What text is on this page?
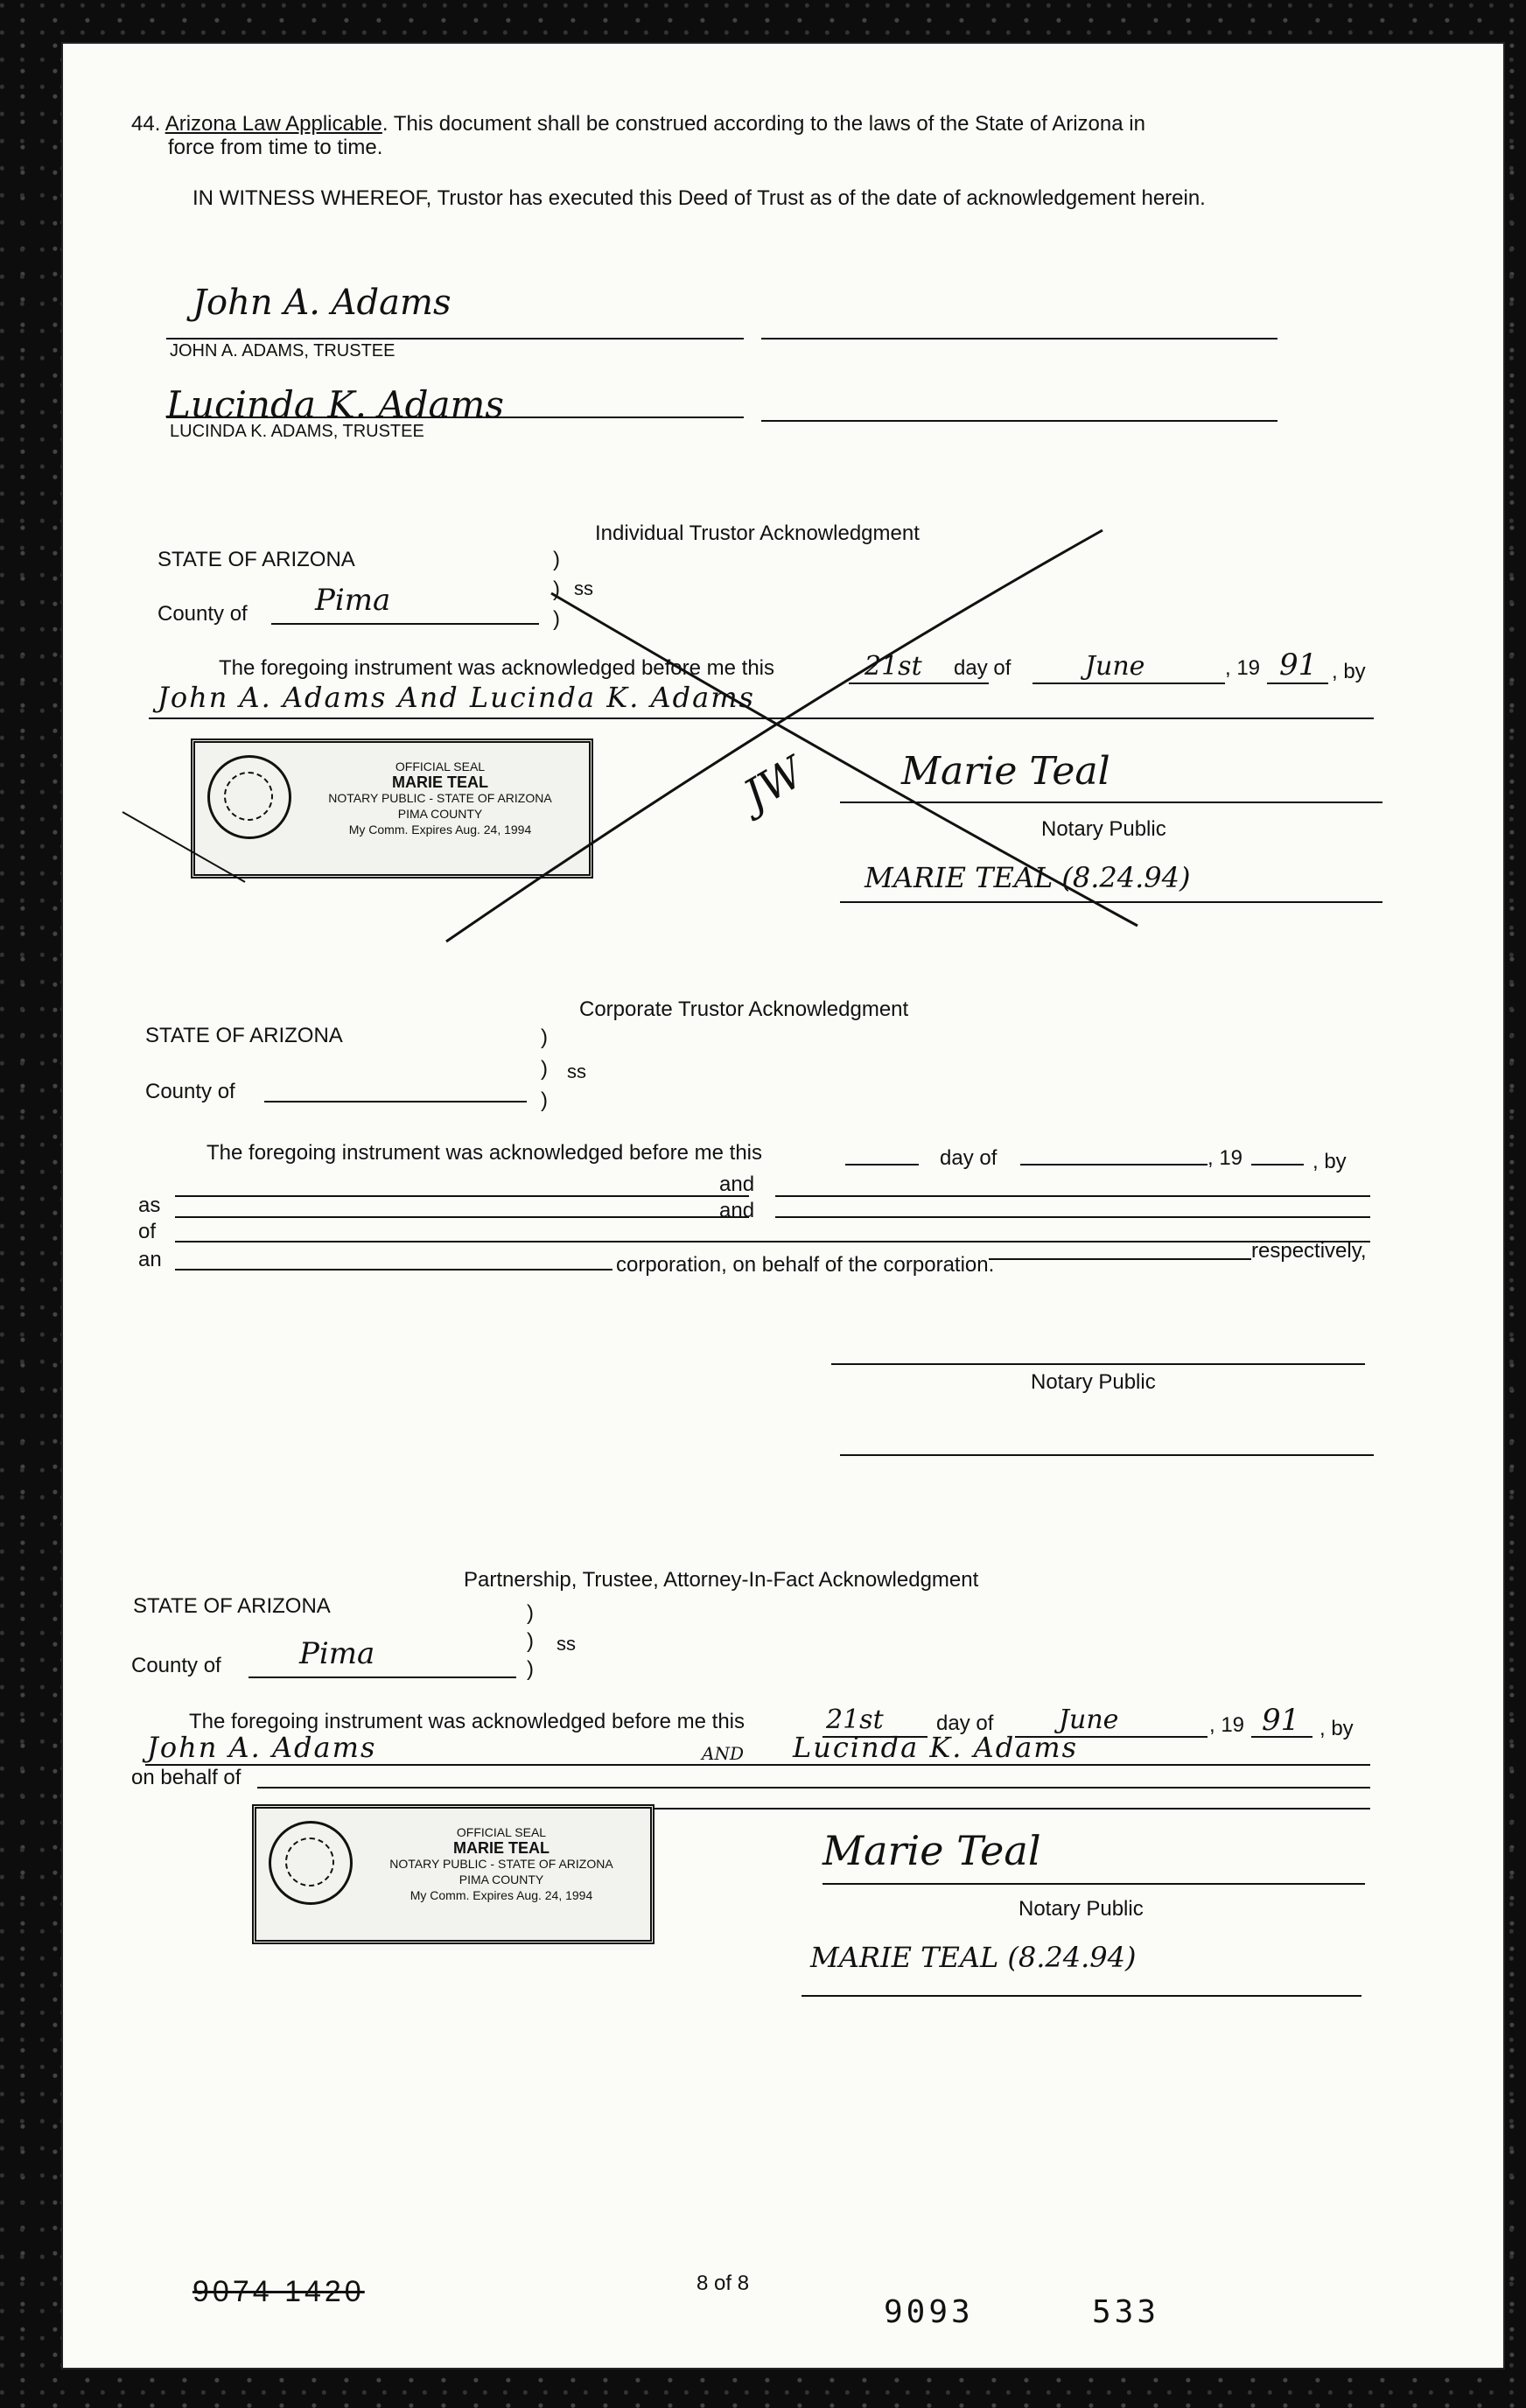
44. Arizona Law Applicable. This document shall be construed according to the laws of the State of Arizona in
force from time to time.
IN WITNESS WHEREOF, Trustor has executed this Deed of Trust as of the date of acknowledgement herein.
John A. Adams
JOHN A. ADAMS, TRUSTEE
Lucinda K. Adams
LUCINDA K. ADAMS, TRUSTEE
Individual Trustor Acknowledgment
STATE OF ARIZONA	)
ss
)
)
County of Pima
The foregoing instrument was acknowledged before me this	21st day of	June	, 19 91 , by
John A. Adams And Lucinda K. Adams
OFFICIAL SEAL
MARIE TEAL
NOTARY PUBLIC - STATE OF ARIZONA
PIMA COUNTY
My Comm. Expires Aug. 24, 1994
JW Marie Teal
Notary Public
MARIE TEAL (8.24.94)
Corporate Trustor Acknowledgment
STATE OF ARIZONA	)
)
)
ss
County of
The foregoing instrument was acknowledged before me this	day of	, 19	, by
and
as	and
of
an	corporation, on behalf of the corporation.
respectively,
Notary Public
Partnership, Trustee, Attorney-In-Fact Acknowledgment
STATE OF ARIZONA	)
)
)
ss
County of	Pima
The foregoing instrument was acknowledged before me this	21st	day of June	, 19 91 , by
John A. Adams	AND Lucinda K. Adams
on behalf of
OFFICIAL SEAL
MARIE TEAL
NOTARY PUBLIC - STATE OF ARIZONA
PIMA COUNTY
My Comm. Expires Aug. 24, 1994
Marie Teal
Notary Public
MARIE TEAL (8.24.94)
9074 1420	8 of 8
9093	533
